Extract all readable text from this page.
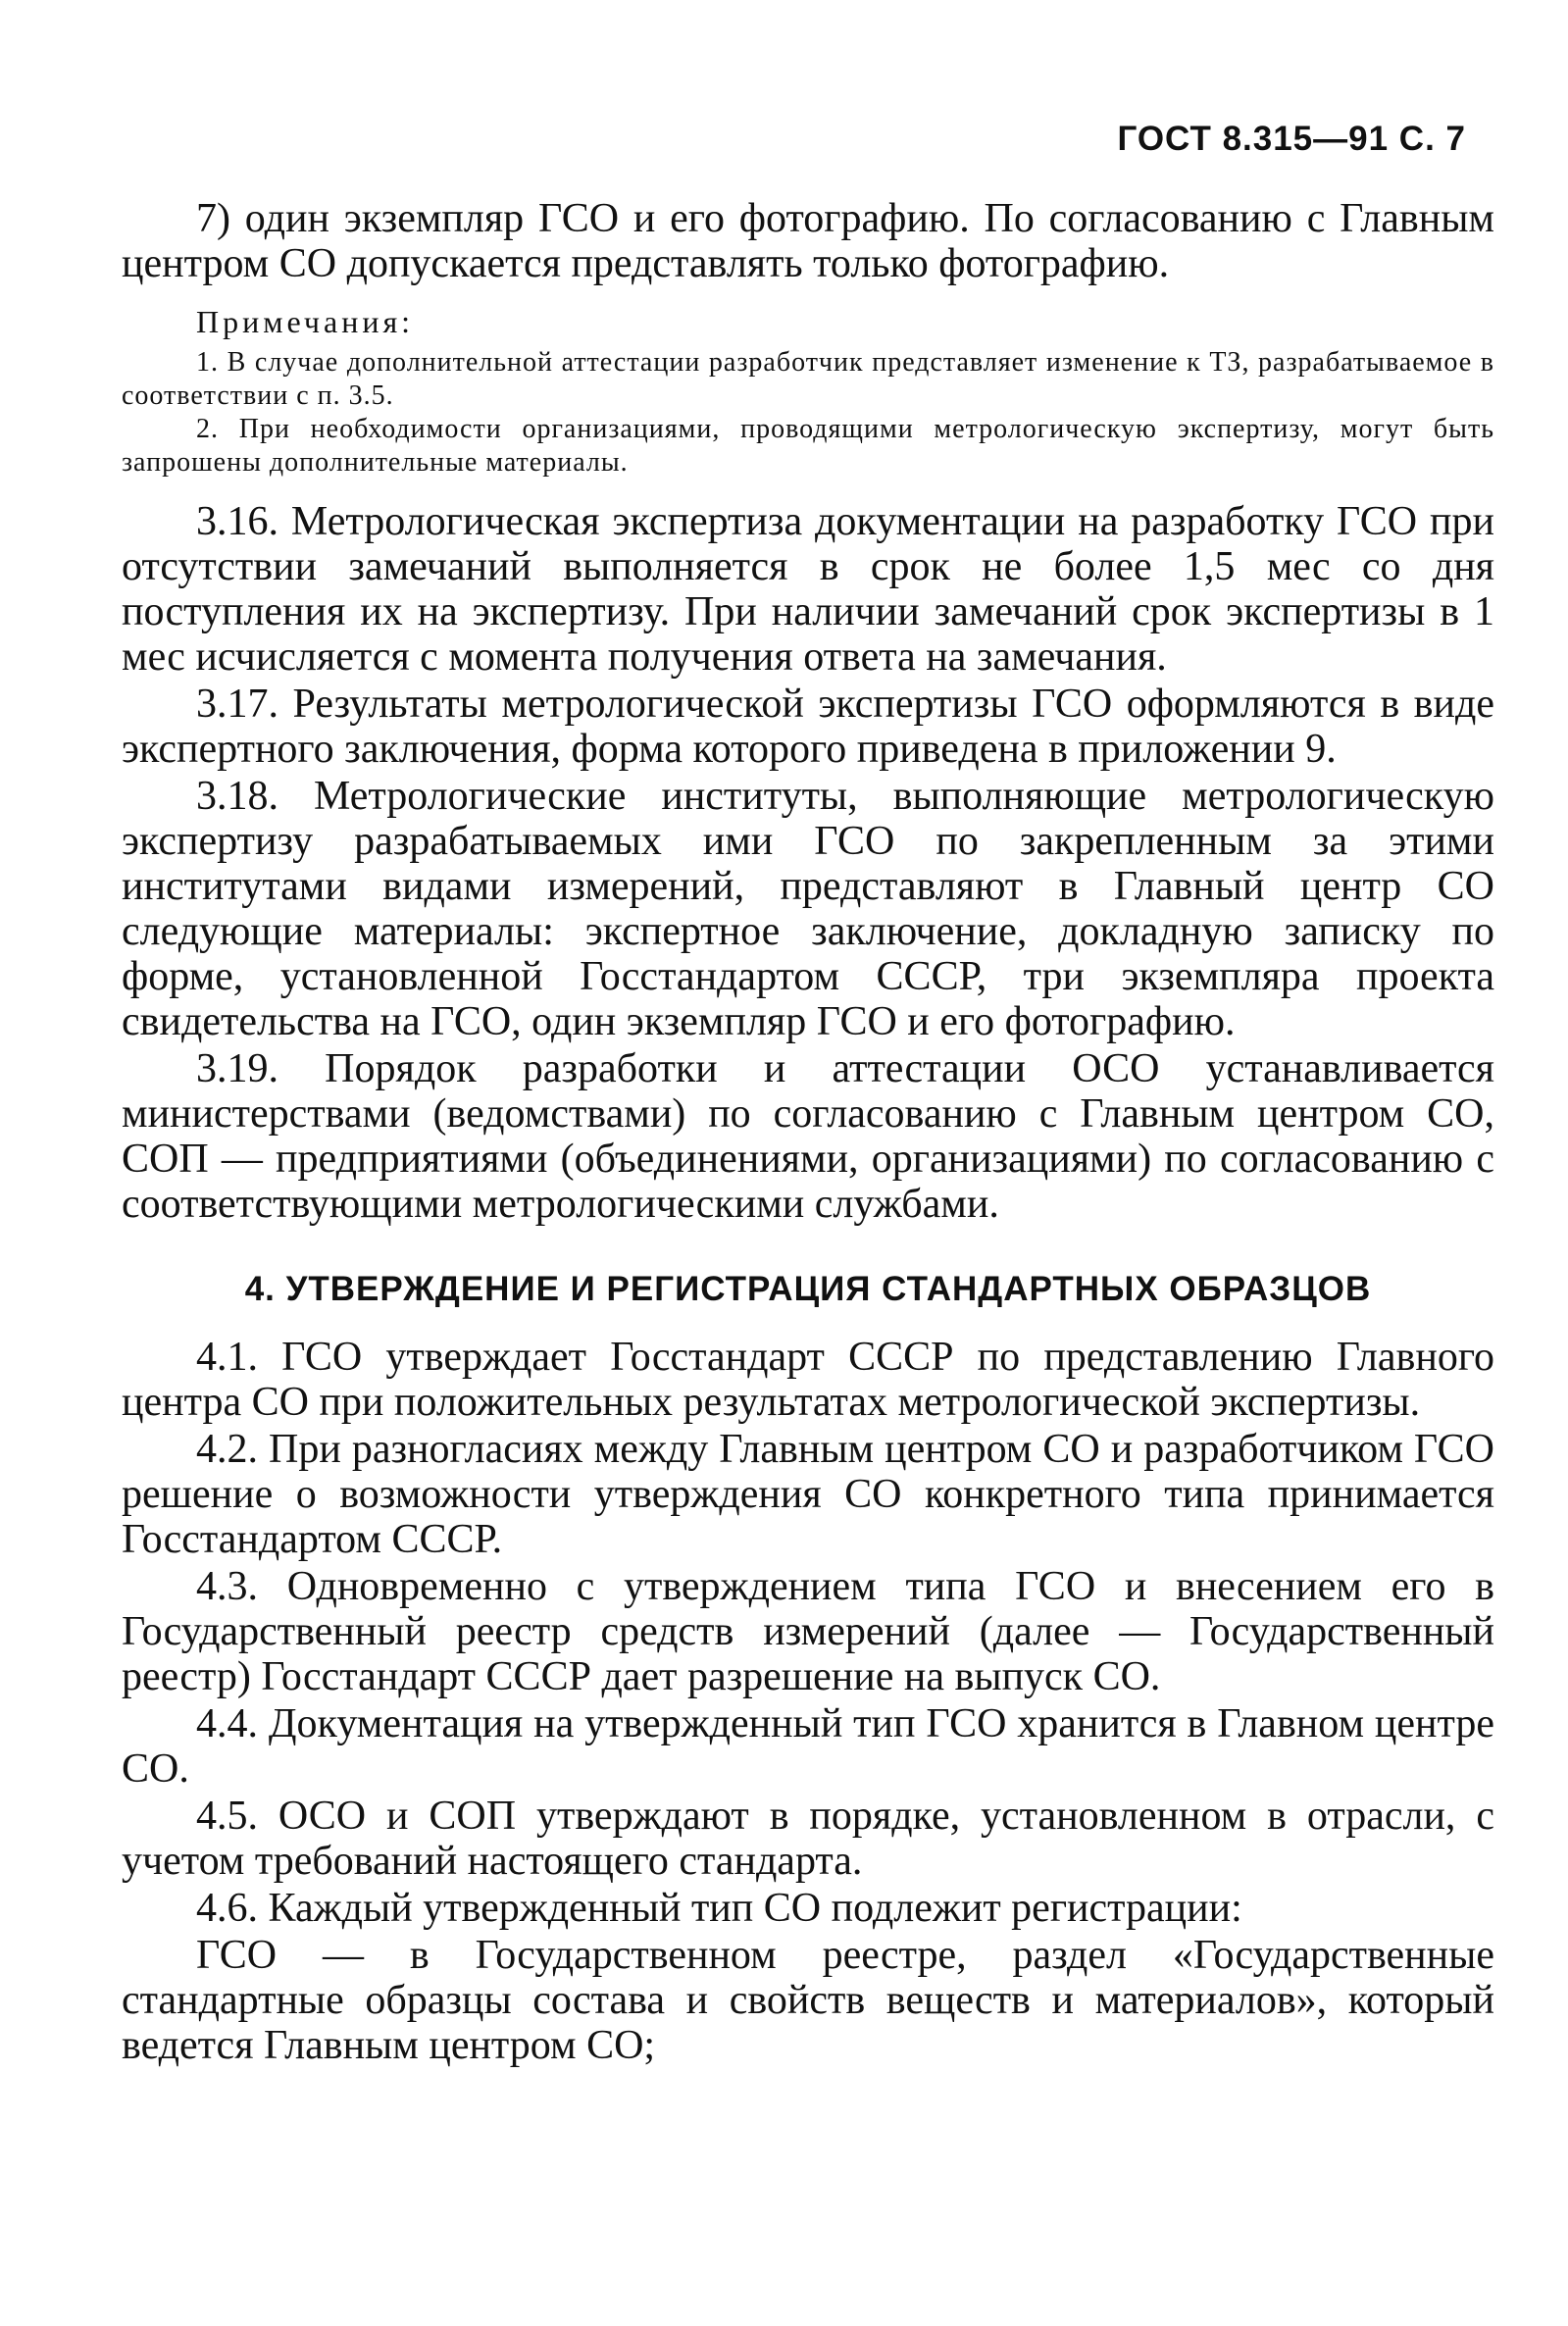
ГОСТ 8.315—91 С. 7

7) один экземпляр ГСО и его фотографию. По согласованию с Главным центром СО допускается представлять только фотографию.

Примечания:

1. В случае дополнительной аттестации разработчик представляет изменение к ТЗ, разрабатываемое в соответствии с п. 3.5.

2. При необходимости организациями, проводящими метрологическую экспертизу, могут быть запрошены дополнительные материалы.

3.16. Метрологическая экспертиза документации на разработку ГСО при отсутствии замечаний выполняется в срок не более 1,5 мес со дня поступления их на экспертизу. При наличии замечаний срок экспертизы в 1 мес исчисляется с момента получения ответа на замечания.

3.17. Результаты метрологической экспертизы ГСО оформляются в виде экспертного заключения, форма которого приведена в приложении 9.

3.18. Метрологические институты, выполняющие метрологическую экспертизу разрабатываемых ими ГСО по закрепленным за этими институтами видами измерений, представляют в Главный центр СО следующие материалы: экспертное заключение, докладную записку по форме, установленной Госстандартом СССР, три экземпляра проекта свидетельства на ГСО, один экземпляр ГСО и его фотографию.

3.19. Порядок разработки и аттестации ОСО устанавливается министерствами (ведомствами) по согласованию с Главным центром СО, СОП — предприятиями (объединениями, организациями) по согласованию с соответствующими метрологическими службами.

4. УТВЕРЖДЕНИЕ И РЕГИСТРАЦИЯ СТАНДАРТНЫХ ОБРАЗЦОВ

4.1. ГСО утверждает Госстандарт СССР по представлению Главного центра СО при положительных результатах метрологической экспертизы.

4.2. При разногласиях между Главным центром СО и разработчиком ГСО решение о возможности утверждения СО конкретного типа принимается Госстандартом СССР.

4.3. Одновременно с утверждением типа ГСО и внесением его в Государственный реестр средств измерений (далее — Государственный реестр) Госстандарт СССР дает разрешение на выпуск СО.

4.4. Документация на утвержденный тип ГСО хранится в Главном центре СО.

4.5. ОСО и СОП утверждают в порядке, установленном в отрасли, с учетом требований настоящего стандарта.

4.6. Каждый утвержденный тип СО подлежит регистрации:

ГСО — в Государственном реестре, раздел «Государственные стандартные образцы состава и свойств веществ и материалов», который ведется Главным центром СО;
